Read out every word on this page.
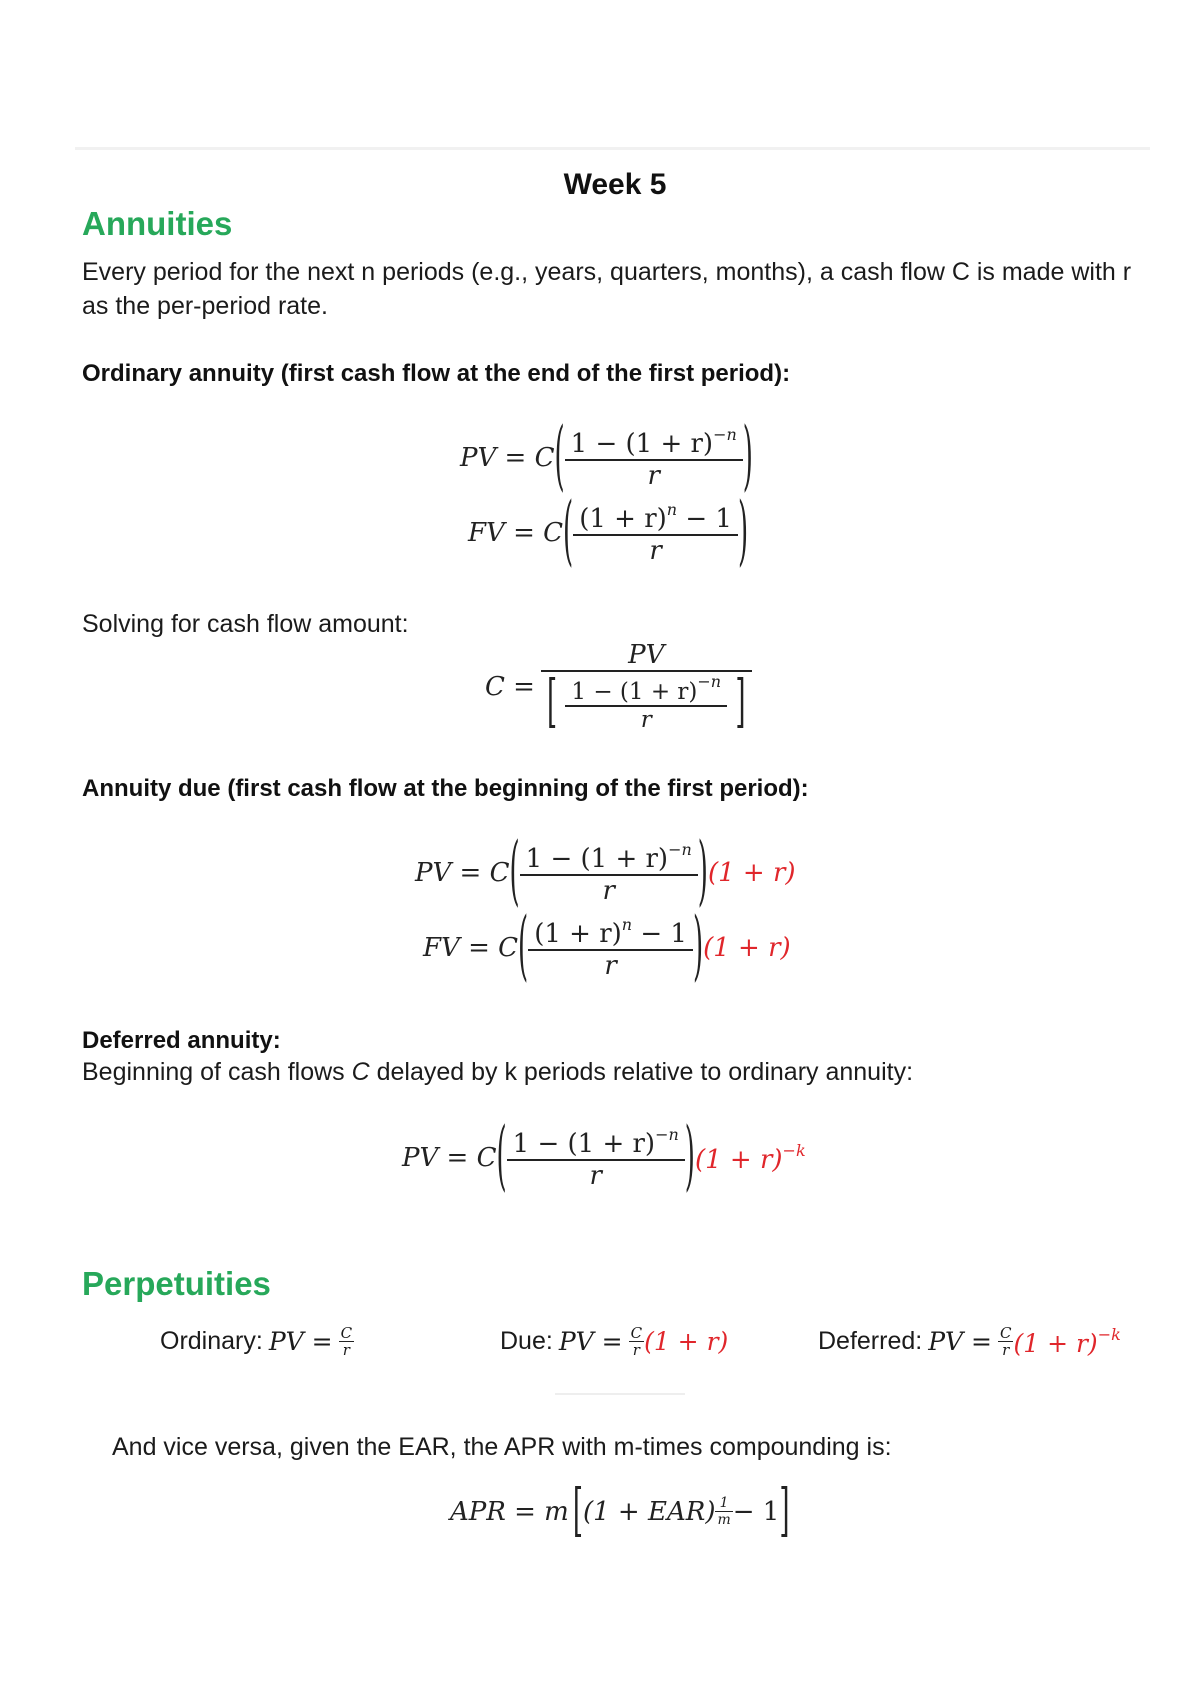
Week 5
Annuities
Every period for the next n periods (e.g., years, quarters, months), a cash flow C is made with r as the per-period rate.
Ordinary annuity (first cash flow at the end of the first period):
PV = C ( $\frac{1 - (1 + r)^{-n}}{r}$ )
FV = C ( $\frac{(1 + r)^n - 1}{r}$ )
Solving for cash flow amount:
$C = \frac{PV}{[ \frac{1 - (1 + r)^{-n}}{r} ]}$
Annuity due (first cash flow at the beginning of the first period):
PV = C ( $\frac{1 - (1 + r)^{-n}}{r}$ ) (1 + r)
FV = C ( $\frac{(1 + r)^n - 1}{r}$ ) (1 + r)
Deferred annuity:
Beginning of cash flows C delayed by k periods relative to ordinary annuity:
PV = C ( $\frac{1 - (1 + r)^{-n}}{r}$ ) $(1 + r)^{-k}$
Perpetuities
Ordinary: PV = $\frac{C}{r}$	Due: PV = $\frac{C}{r} (1 + r)$	Deferred: PV = $\frac{C}{r} (1 + r)^{-k}$
And vice versa, given the EAR, the APR with m-times compounding is:
APR = m [ $(1 + EAR) \frac{1}{m} - 1$ ]
